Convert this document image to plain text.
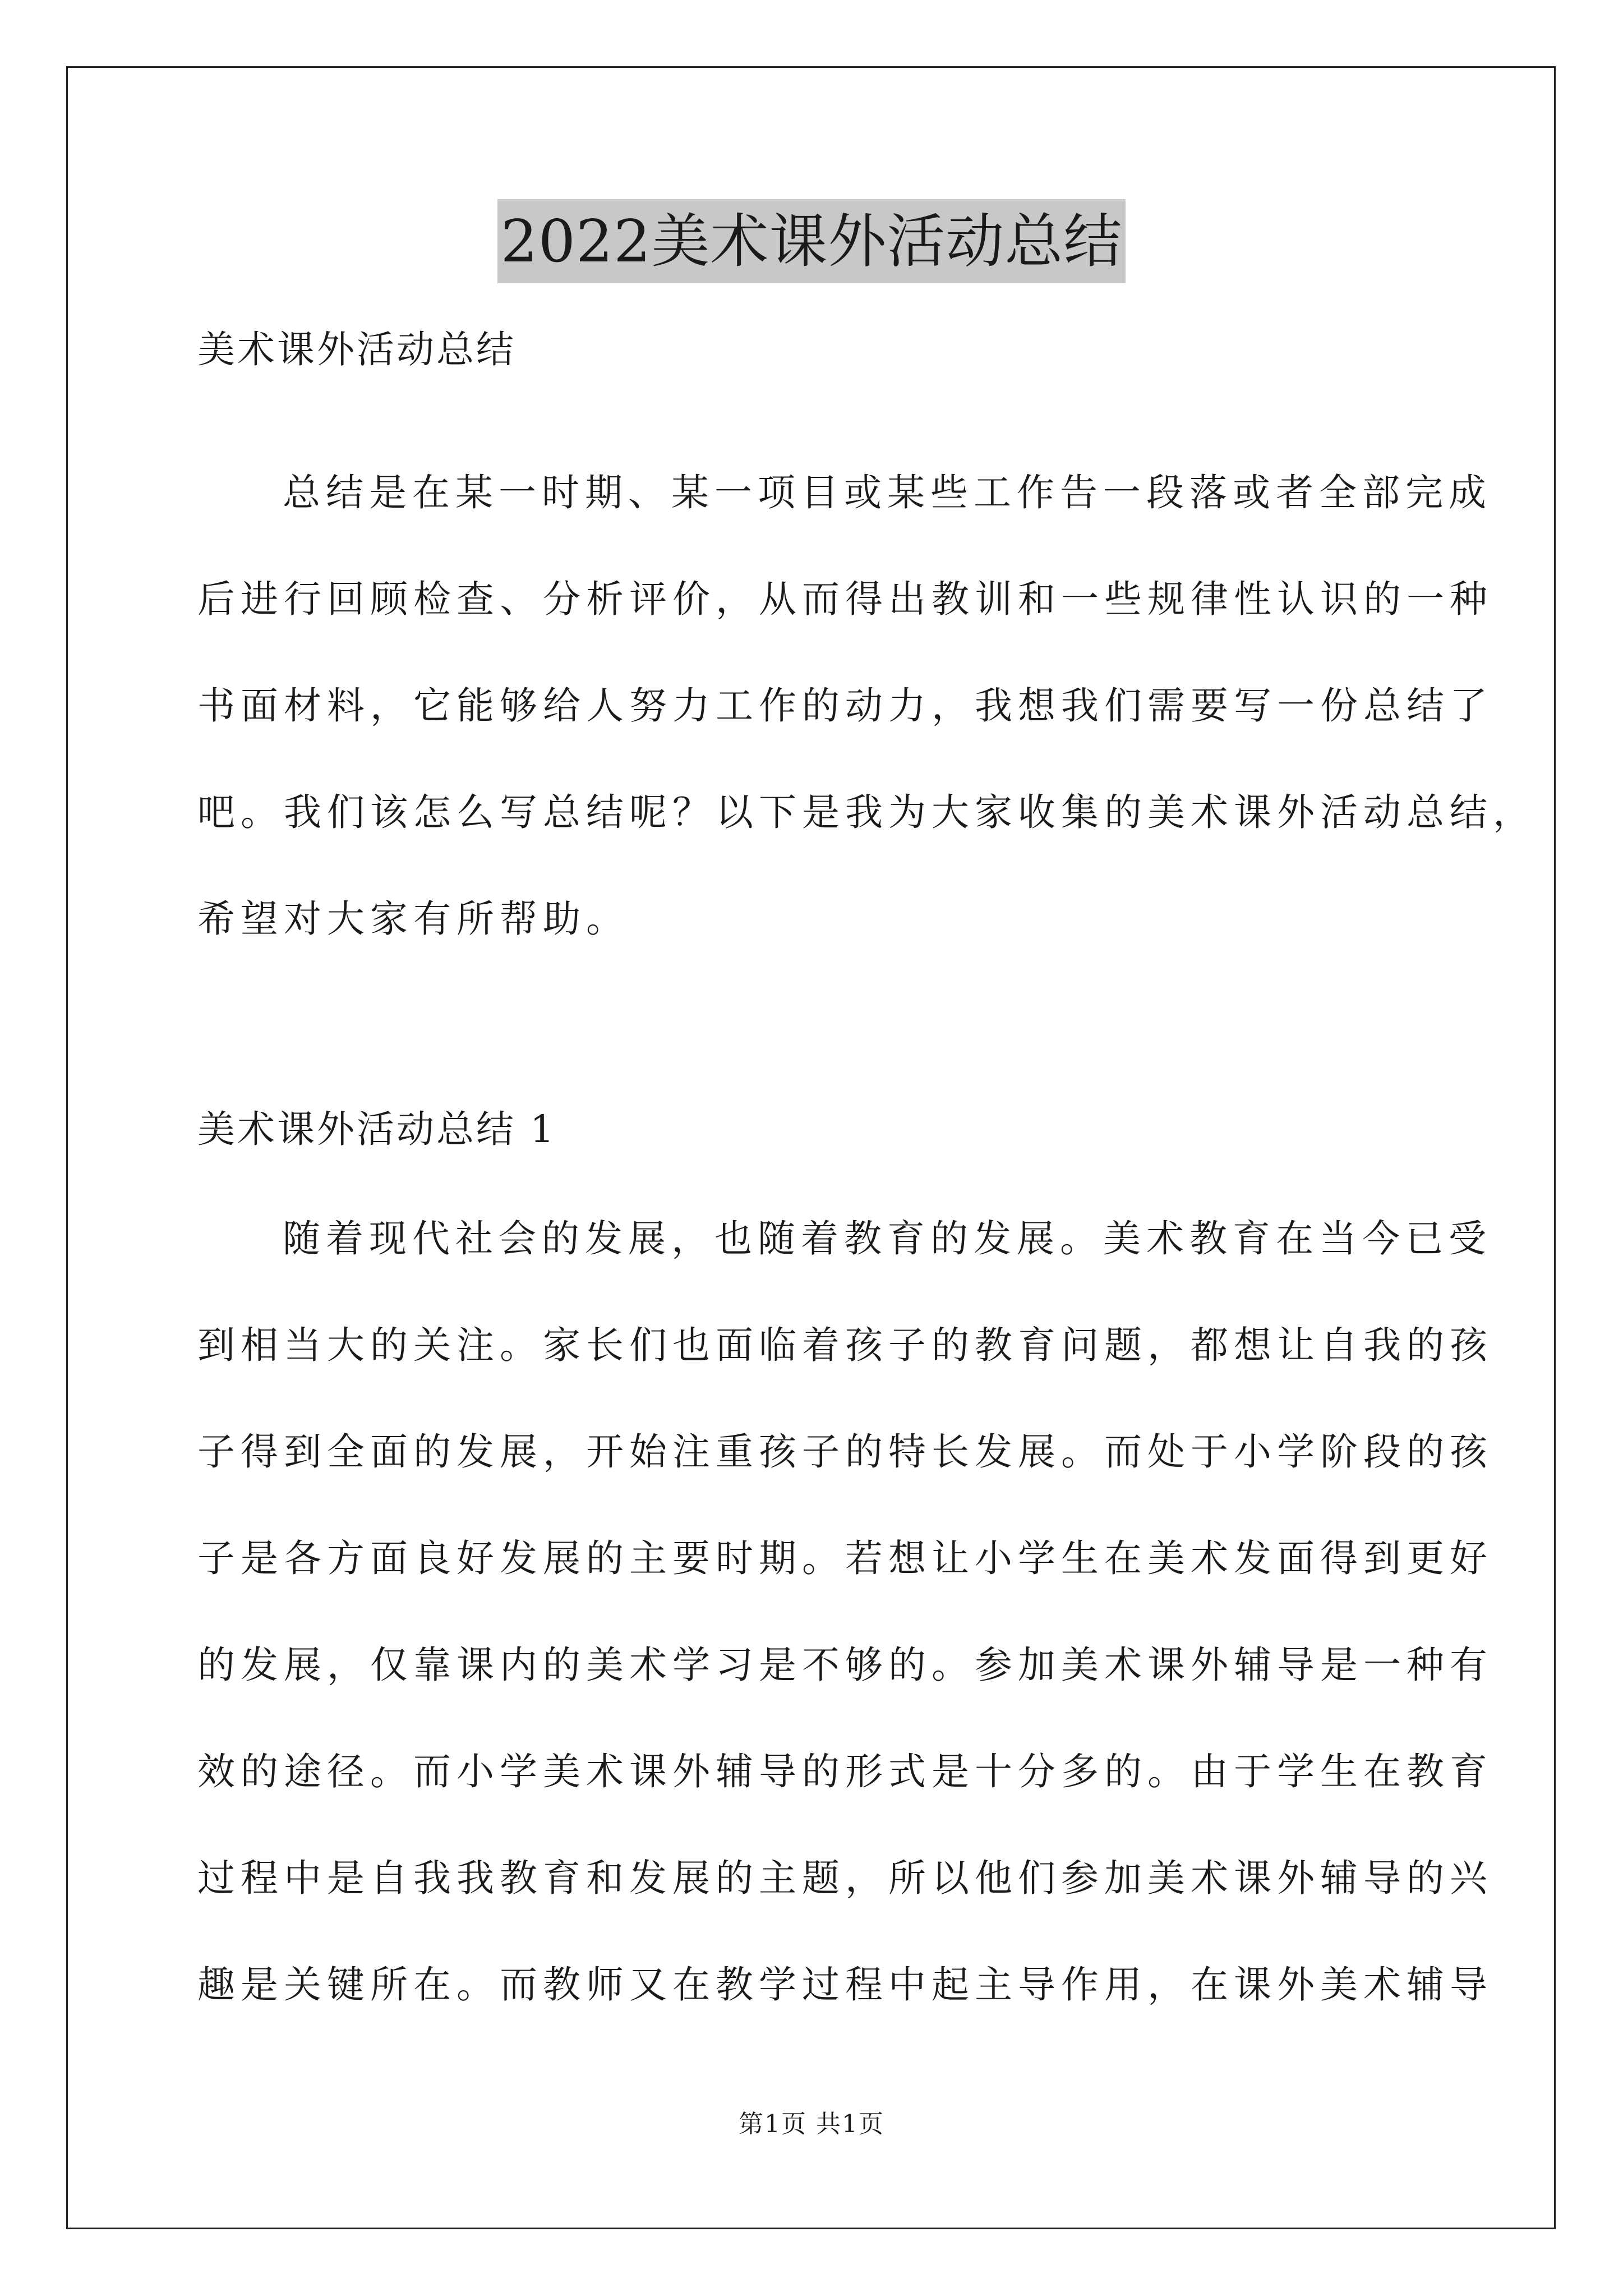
2022美术课外活动总结
美术课外活动总结
总结是在某一时期、某一项目或某些工作告一段落或者全部完成
后进行回顾检查、分析评价，从而得出教训和一些规律性认识的一种
书面材料，它能够给人努力工作的动力，我想我们需要写一份总结了
吧。我们该怎么写总结呢？以下是我为大家收集的美术课外活动总结，
希望对大家有所帮助。
美术课外活动总结 1
随着现代社会的发展，也随着教育的发展。美术教育在当今已受
到相当大的关注。家长们也面临着孩子的教育问题，都想让自我的孩
子得到全面的发展，开始注重孩子的特长发展。而处于小学阶段的孩
子是各方面良好发展的主要时期。若想让小学生在美术发面得到更好
的发展，仅靠课内的美术学习是不够的。参加美术课外辅导是一种有
效的途径。而小学美术课外辅导的形式是十分多的。由于学生在教育
过程中是自我我教育和发展的主题，所以他们参加美术课外辅导的兴
趣是关键所在。而教师又在教学过程中起主导作用，在课外美术辅导
第1页 共1页
